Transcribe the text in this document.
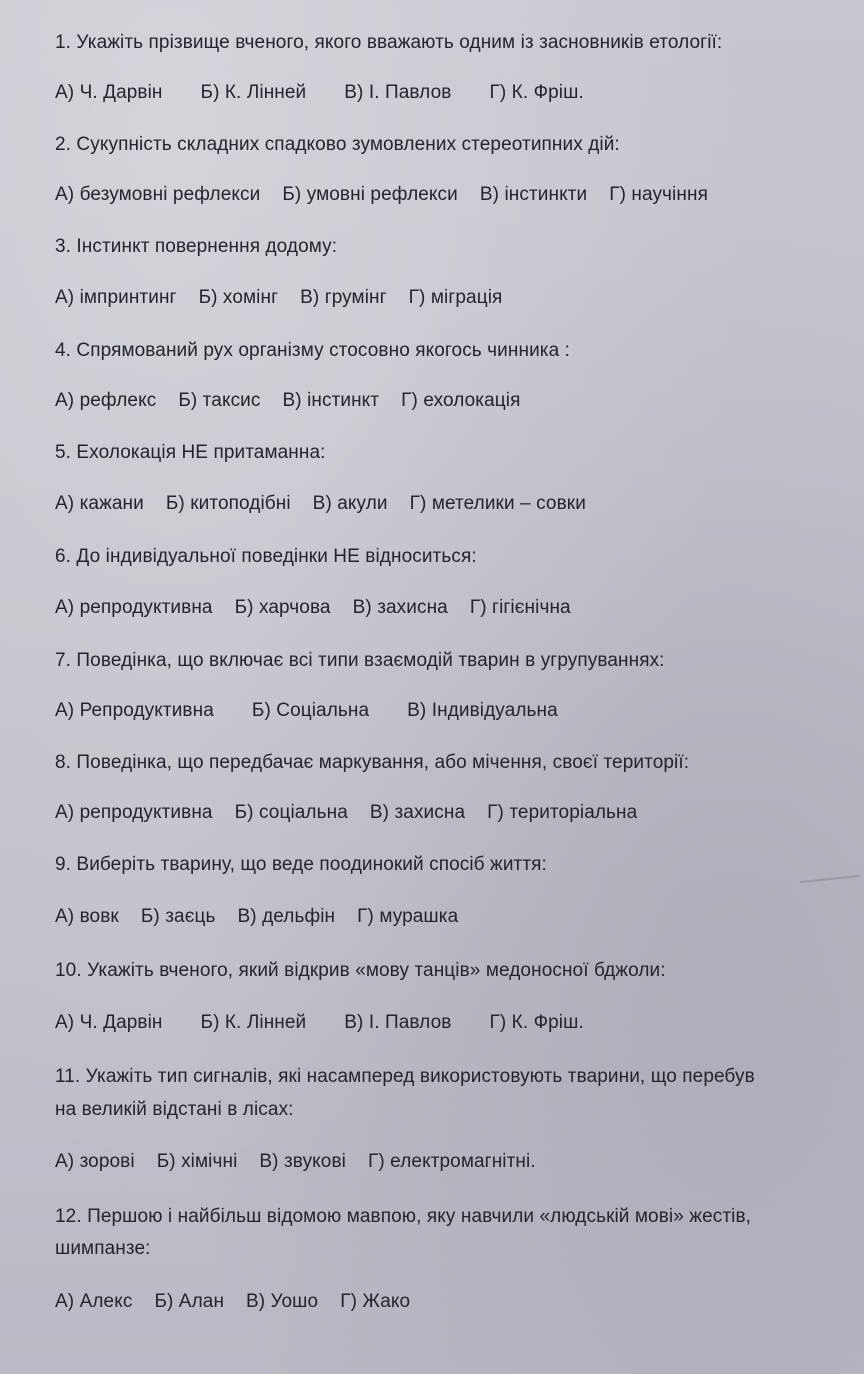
1. Укажіть прізвище вченого, якого вважають одним із засновників етології:
А) Ч. Дарвін Б) К. Лінней В) І. Павлов Г) К. Фріш.
2. Сукупність складних спадково зумовлених стереотипних дій:
А) безумовні рефлекси Б) умовні рефлекси В) інстинкти Г) научіння
3. Інстинкт повернення додому:
А) імпринтинг Б) хомінг В) грумінг Г) міграція
4. Спрямований рух організму стосовно якогось чинника :
А) рефлекс Б) таксис В) інстинкт Г) ехолокація
5. Ехолокація НЕ притаманна:
А) кажани Б) китоподібні В) акули Г) метелики – совки
6. До індивідуальної поведінки НЕ відноситься:
А) репродуктивна Б) харчова В) захисна Г) гігієнічна
7. Поведінка, що включає всі типи взаємодій тварин в угрупуваннях:
А) Репродуктивна Б) Соціальна В) Індивідуальна
8. Поведінка, що передбачає маркування, або мічення, своєї території:
А) репродуктивна Б) соціальна В) захисна Г) територіальна
9. Виберіть тварину, що веде поодинокий спосіб життя:
А) вовк Б) заєць В) дельфін Г) мурашка
10. Укажіть вченого, який відкрив «мову танців» медоносної бджоли:
А) Ч. Дарвін Б) К. Лінней В) І. Павлов Г) К. Фріш.
11. Укажіть тип сигналів, які насамперед використовують тварини, що перебув
на великій відстані в лісах:
А) зорові Б) хімічні В) звукові Г) електромагнітні.
12. Першою і найбільш відомою мавпою, яку навчили «людській мові» жестів,
шимпанзе:
А) Алекс Б) Алан В) Уошо Г) Жако
